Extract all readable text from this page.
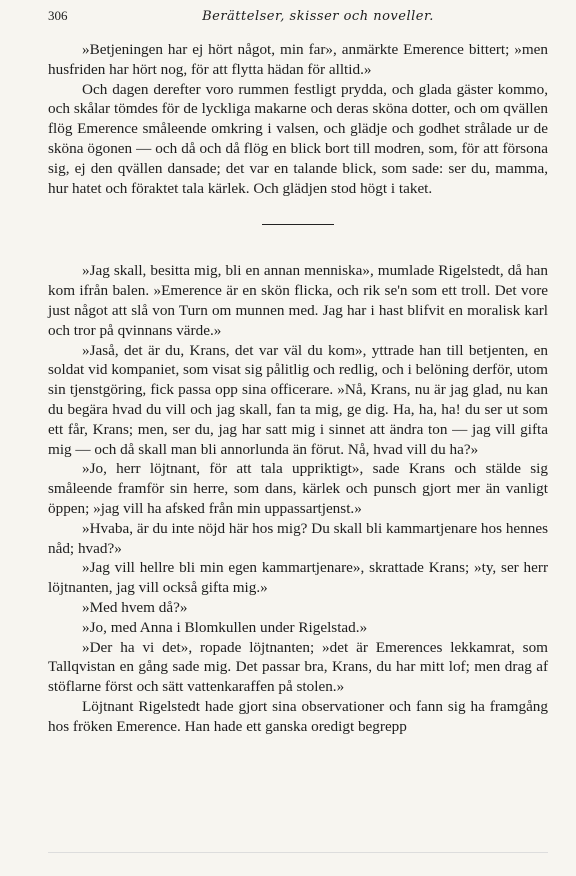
306	Berättelser, skisser och noveller.

»Betjeningen har ej hört något, min far», anmärkte Emerence bittert; »men husfriden har hört nog, för att flytta hädan för alltid.»

Och dagen derefter voro rummen festligt prydda, och glada gäster kommo, och skålar tömdes för de lyckliga makarne och deras sköna dotter, och om qvällen flög Emerence småleende omkring i valsen, och glädje och godhet strålade ur de sköna ögonen — och då och då flög en blick bort till modren, som, för att försona sig, ej den qvällen dansade; det var en talande blick, som sade: ser du, mamma, hur hatet och föraktet tala kärlek. Och glädjen stod högt i taket.

»Jag skall, besitta mig, bli en annan menniska», mumlade Rigelstedt, då han kom ifrån balen. »Emerence är en skön flicka, och rik se'n som ett troll. Det vore just något att slå von Turn om munnen med. Jag har i hast blifvit en moralisk karl och tror på qvinnans värde.»

»Jaså, det är du, Krans, det var väl du kom», yttrade han till betjenten, en soldat vid kompaniet, som visat sig pålitlig och redlig, och i belöning derför, utom sin tjenstgöring, fick passa opp sina officerare. »Nå, Krans, nu är jag glad, nu kan du begära hvad du vill och jag skall, fan ta mig, ge dig. Ha, ha, ha! du ser ut som ett får, Krans; men, ser du, jag har satt mig i sinnet att ändra ton — jag vill gifta mig — och då skall man bli annorlunda än förut. Nå, hvad vill du ha?»

»Jo, herr löjtnant, för att tala uppriktigt», sade Krans och stälde sig småleende framför sin herre, som dans, kärlek och punsch gjort mer än vanligt öppen; »jag vill ha afsked från min uppassartjenst.»

»Hvaba, är du inte nöjd här hos mig? Du skall bli kammartjenare hos hennes nåd; hvad?»

»Jag vill hellre bli min egen kammartjenare», skrattade Krans; »ty, ser herr löjtnanten, jag vill också gifta mig.»

»Med hvem då?»

»Jo, med Anna i Blomkullen under Rigelstad.»

»Der ha vi det», ropade löjtnanten; »det är Emerences lekkamrat, som Tallqvistan en gång sade mig. Det passar bra, Krans, du har mitt lof; men drag af stöflarne först och sätt vattenkaraffen på stolen.»

Löjtnant Rigelstedt hade gjort sina observationer och fann sig ha framgång hos fröken Emerence. Han hade ett ganska oredigt begrepp
